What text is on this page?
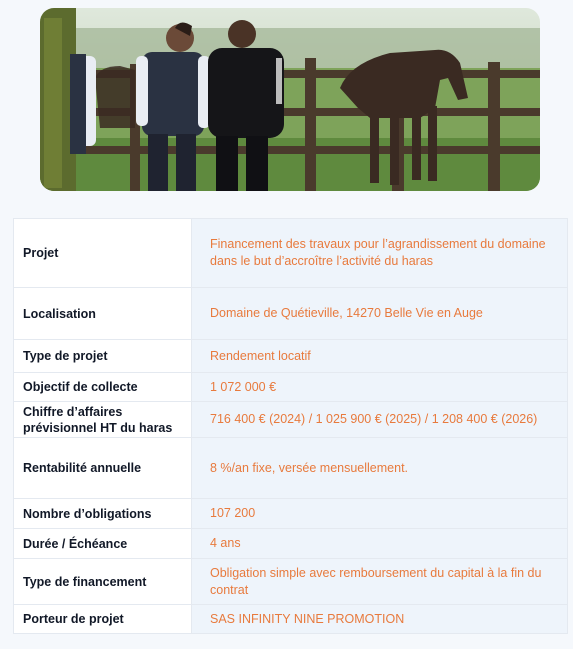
Projet	Financement des travaux pour l’agrandissement du domaine dans le but d’accroître l’activité du haras
Localisation	Domaine de Quétieville, 14270 Belle Vie en Auge
Type de projet	Rendement locatif
Objectif de collecte	1 072 000 €
Chiffre d’affaires prévisionnel HT du haras	716 400 € (2024) / 1 025 900 € (2025) / 1 208 400 € (2026)
Rentabilité annuelle	8 %/an fixe, versée mensuellement.
Nombre d’obligations	107 200
Durée / Échéance	4 ans
Type de financement	Obligation simple avec remboursement du capital à la fin du contrat
Porteur de projet	SAS INFINITY NINE PROMOTION
